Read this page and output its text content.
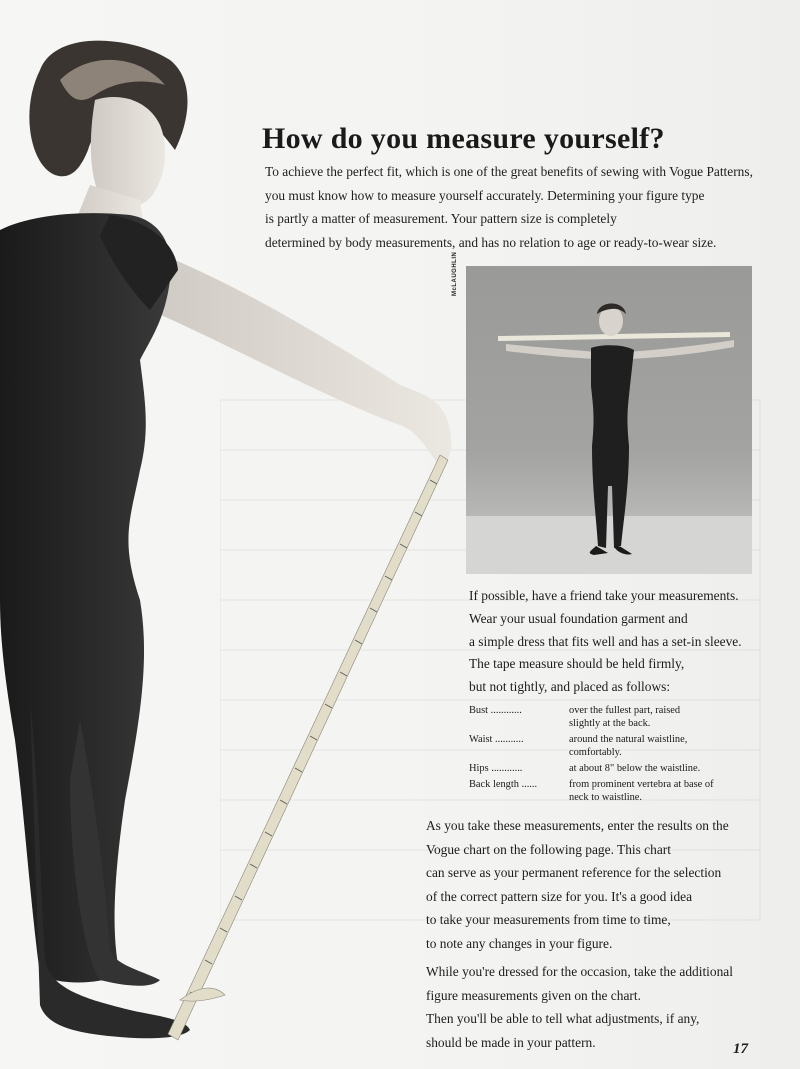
How do you measure yourself?

To achieve the perfect fit, which is one of the great benefits of sewing with Vogue Patterns,

you must know how to measure yourself accurately. Determining your figure type

is partly a matter of measurement. Your pattern size is completely

determined by body measurements, and has no relation to age or ready-to-wear size.

McLAUGHLIN

If possible, have a friend take your measurements.

Wear your usual foundation garment and

a simple dress that fits well and has a set-in sleeve.

The tape measure should be held firmly,

but not tightly, and placed as follows:

Bust ............	over the fullest part, raised
slightly at the back.
Waist ...........	around the natural waistline,
comfortably.
Hips ............	at about 8" below the waistline.
Back length ......	from prominent vertebra at base of
neck to waistline.

As you take these measurements, enter the results on the

Vogue chart on the following page. This chart

can serve as your permanent reference for the selection

of the correct pattern size for you. It's a good idea

to take your measurements from time to time,

to note any changes in your figure.

While you're dressed for the occasion, take the additional

figure measurements given on the chart.

Then you'll be able to tell what adjustments, if any,

should be made in your pattern.	17
